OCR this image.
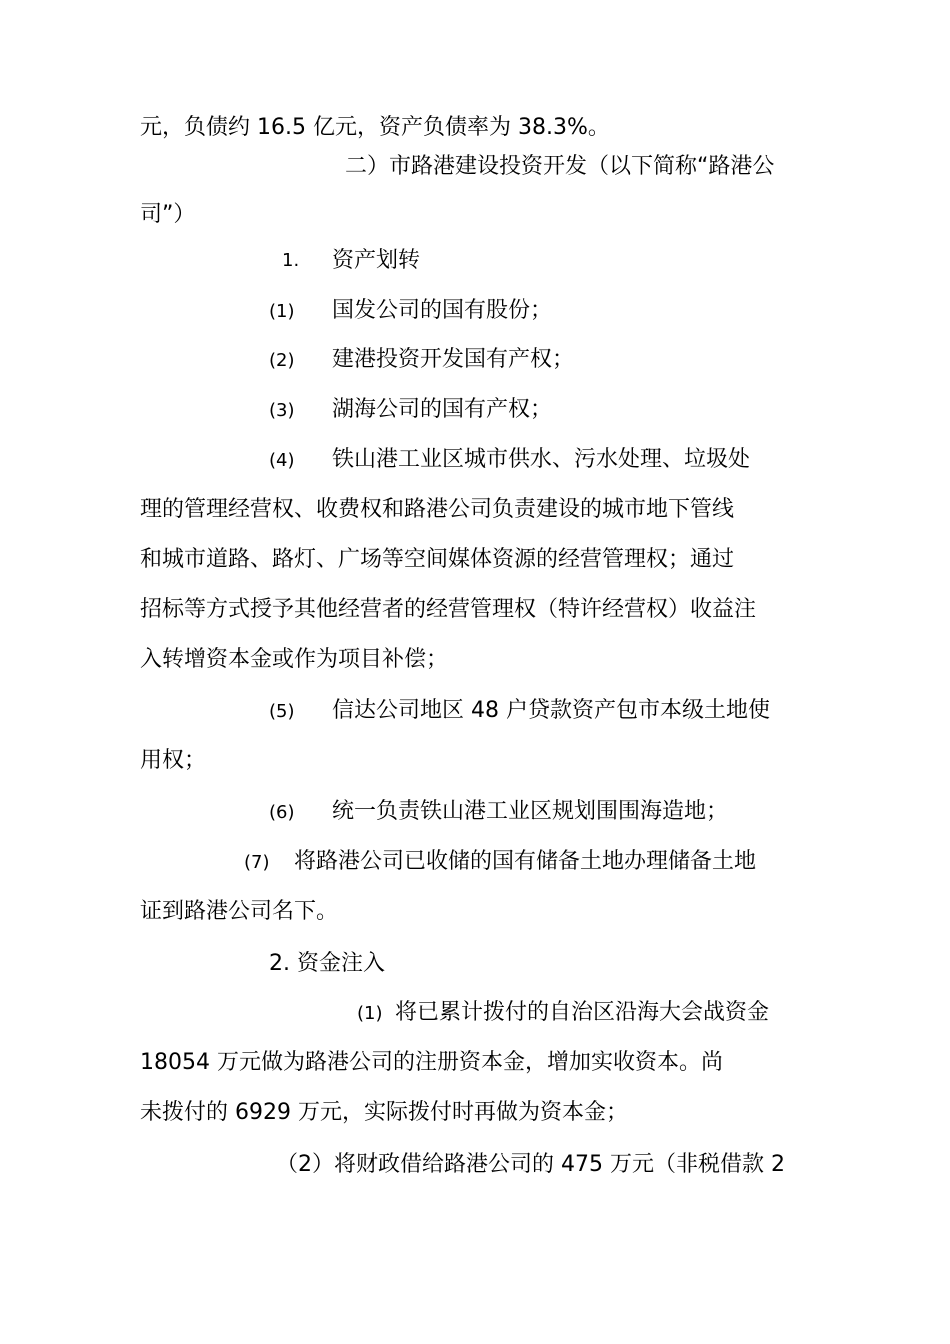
元，负债约 16.5 亿元，资产负债率为 38.3%。
二）市路港建设投资开发（以下简称“路港公
司”）
1. 资产划转
(1) 国发公司的国有股份；
(2) 建港投资开发国有产权；
(3) 湖海公司的国有产权；
(4) 铁山港工业区城市供水、污水处理、垃圾处
理的管理经营权、收费权和路港公司负责建设的城市地下管线
和城市道路、路灯、广场等空间媒体资源的经营管理权；通过
招标等方式授予其他经营者的经营管理权（特许经营权）收益注
入转增资本金或作为项目补偿；
(5) 信达公司地区 48 户贷款资产包市本级土地使
用权；
(6) 统一负责铁山港工业区规划围围海造地；
(7) 将路港公司已收储的国有储备土地办理储备土地
证到路港公司名下。
2. 资金注入
(1) 将已累计拨付的自治区沿海大会战资金
18054 万元做为路港公司的注册资本金，增加实收资本。尚
未拨付的 6929 万元，实际拨付时再做为资本金；
（2）将财政借给路港公司的 475 万元（非税借款 2
